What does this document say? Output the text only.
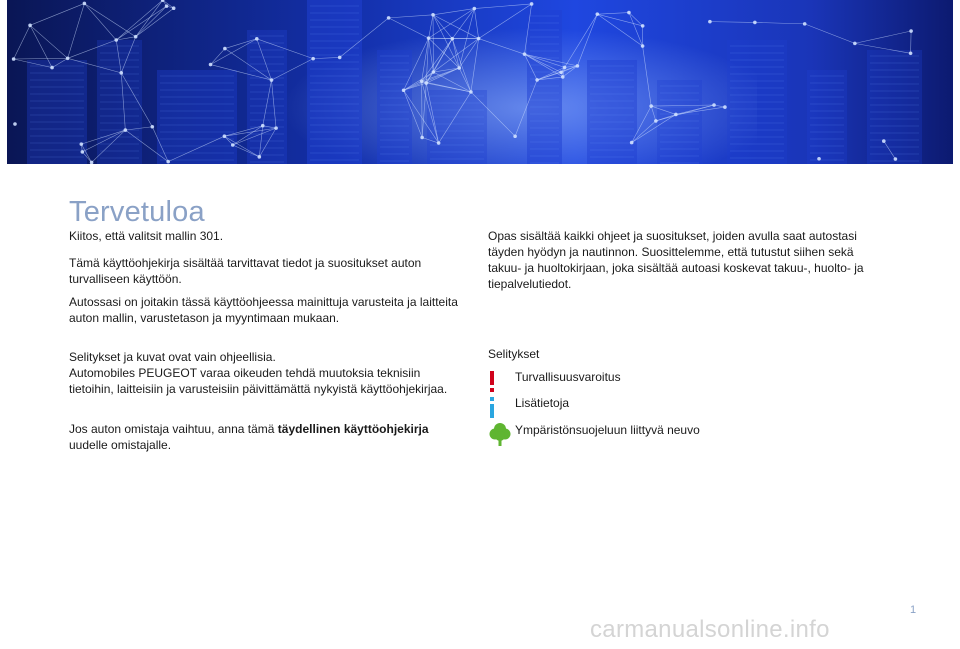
Tervetuloa

Kiitos, että valitsit mallin 301.

Tämä käyttöohjekirja sisältää tarvittavat tiedot ja suositukset auton turvalliseen käyttöön.

Autossasi on joitakin tässä käyttöohjeessa mainittuja varusteita ja laitteita auton mallin, varustetason ja myyntimaan mukaan.

Selitykset ja kuvat ovat vain ohjeellisia.
Automobiles PEUGEOT varaa oikeuden tehdä muutoksia teknisiin tietoihin, laitteisiin ja varusteisiin päivittämättä nykyistä käyttöohjekirjaa.

Jos auton omistaja vaihtuu, anna tämä täydellinen käyttöohjekirja uudelle omistajalle.

Opas sisältää kaikki ohjeet ja suositukset, joiden avulla saat autostasi täyden hyödyn ja nautinnon. Suosittelemme, että tutustut siihen sekä takuu- ja huoltokirjaan, joka sisältää autoasi koskevat takuu-, huolto- ja tiepalvelutiedot.

Selitykset
Turvallisuusvaroitus
Lisätietoja
Ympäristönsuojeluun liittyvä neuvo
1
carmanualsonline.info
